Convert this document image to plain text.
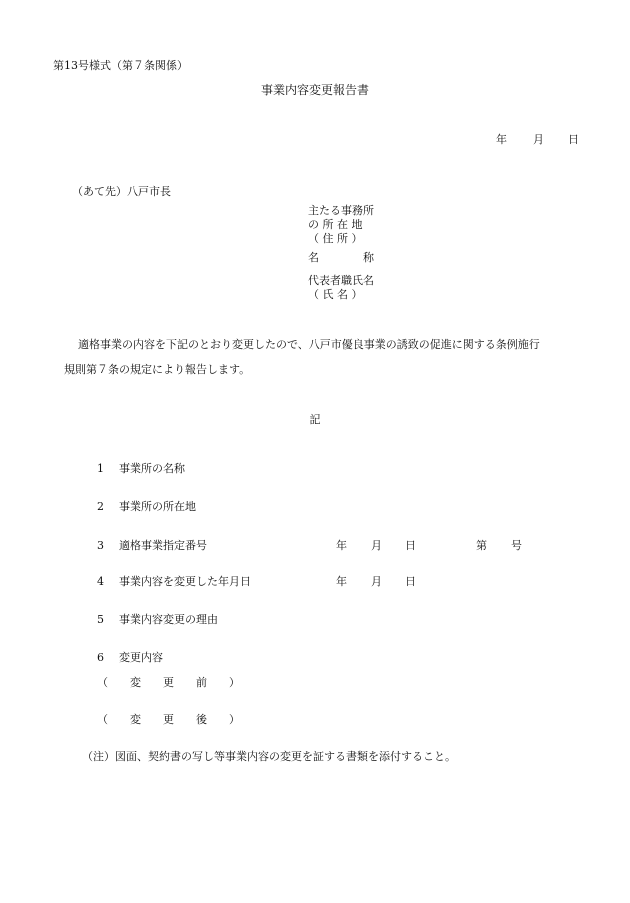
第13号様式（第７条関係）
事業内容変更報告書
年 月 日
（あて先）八戸市長
主たる事務所
の 所 在 地
（ 住 所 ）
名　　　　称
代表者職氏名
（ 氏 名 ）
適格事業の内容を下記のとおり変更したので、八戸市優良事業の誘致の促進に関する条例施行
規則第７条の規定により報告します。
記
1 事業所の名称
2 事業所の所在地
3 適格事業指定番号	年 月 日	第 号
4 事業内容を変更した年月日	年 月 日
5 事業内容変更の理由
6 変更内容
（　　変　　更　　前　　）
（　　変　　更　　後　　）
（注）図面、契約書の写し等事業内容の変更を証する書類を添付すること。
